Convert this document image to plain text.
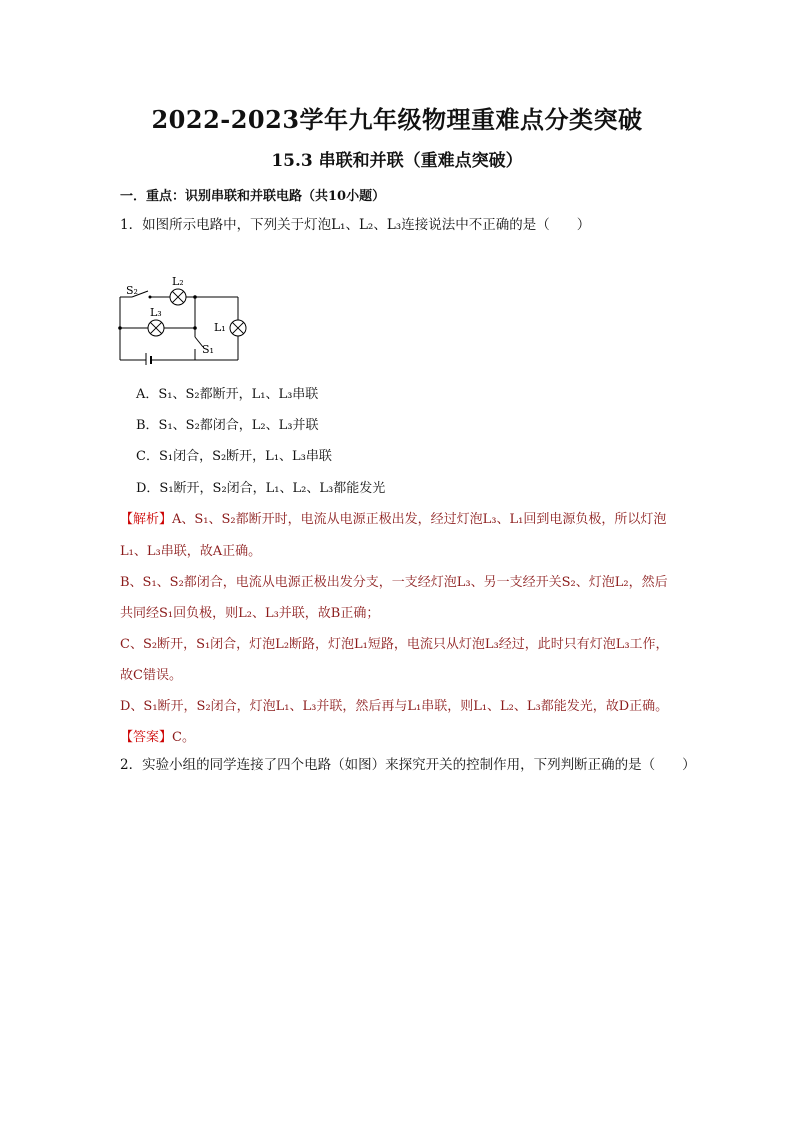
2022-2023学年九年级物理重难点分类突破
15.3 串联和并联（重难点突破）
一．重点：识别串联和并联电路（共10小题）
1．如图所示电路中，下列关于灯泡L₁、L₂、L₃连接说法中不正确的是（　　）
S₂
L₂
L₃
L₁
S₁
A．S₁、S₂都断开，L₁、L₃串联
B．S₁、S₂都闭合，L₂、L₃并联
C．S₁闭合，S₂断开，L₁、L₃串联
D．S₁断开，S₂闭合，L₁、L₂、L₃都能发光
【解析】A、S₁、S₂都断开时，电流从电源正极出发，经过灯泡L₃、L₁回到电源负极，所以灯泡
L₁、L₃串联，故A正确。
B、S₁、S₂都闭合，电流从电源正极出发分支，一支经灯泡L₃、另一支经开关S₂、灯泡L₂，然后
共同经S₁回负极，则L₂、L₃并联，故B正确；
C、S₂断开，S₁闭合，灯泡L₂断路，灯泡L₁短路，电流只从灯泡L₃经过，此时只有灯泡L₃工作，
故C错误。
D、S₁断开，S₂闭合，灯泡L₁、L₃并联，然后再与L₁串联，则L₁、L₂、L₃都能发光，故D正确。
【答案】C。
2．实验小组的同学连接了四个电路（如图）来探究开关的控制作用，下列判断正确的是（　　）
